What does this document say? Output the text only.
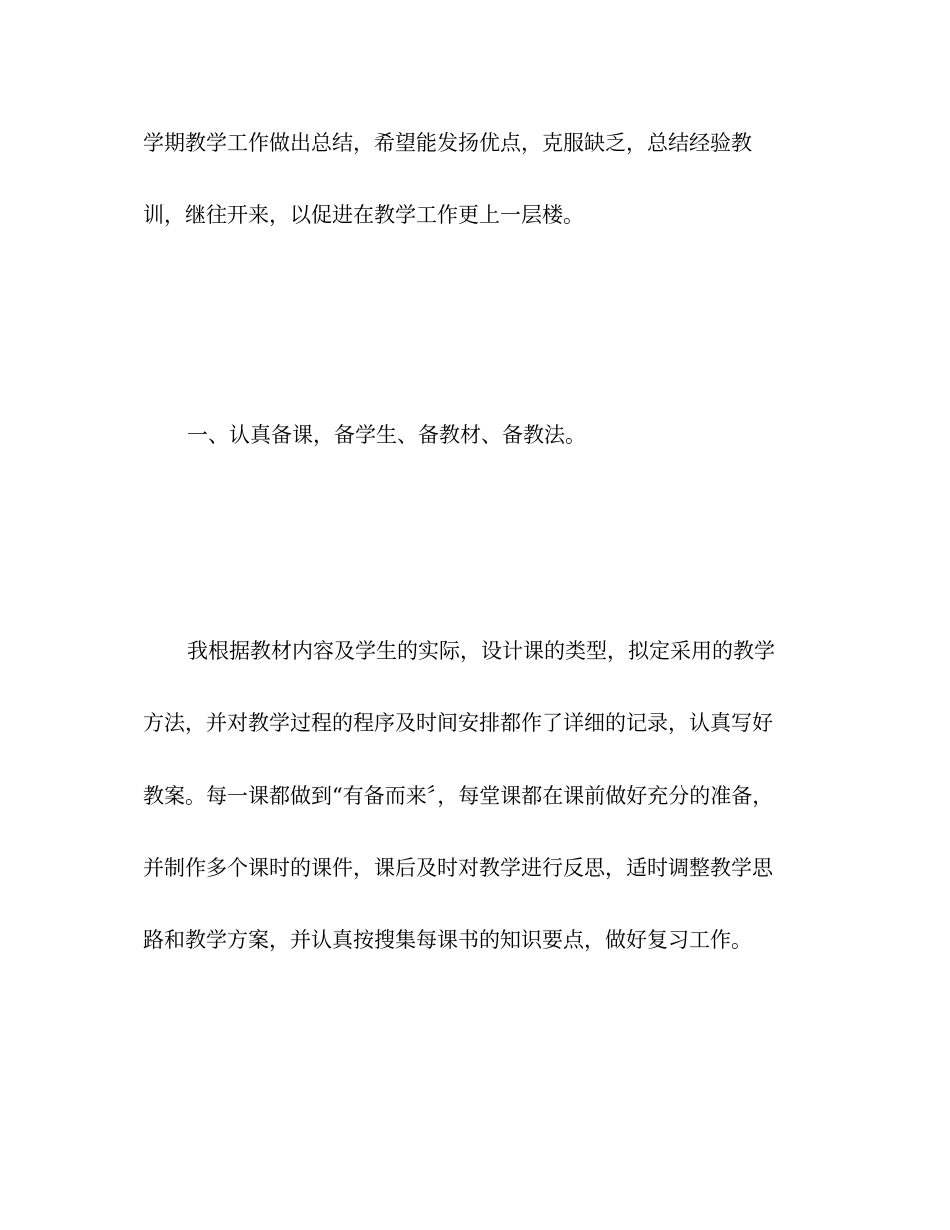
学期教学工作做出总结，希望能发扬优点，克服缺乏，总结经验教
训，继往开来，以促进在教学工作更上一层楼。
一、认真备课，备学生、备教材、备教法。
我根据教材内容及学生的实际，设计课的类型，拟定采用的教学
方法，并对教学过程的程序及时间安排都作了详细的记录，认真写好
教案。每一课都做到“有备而来〞，每堂课都在课前做好充分的准备，
并制作多个课时的课件，课后及时对教学进行反思，适时调整教学思
路和教学方案，并认真按搜集每课书的知识要点，做好复习工作。
